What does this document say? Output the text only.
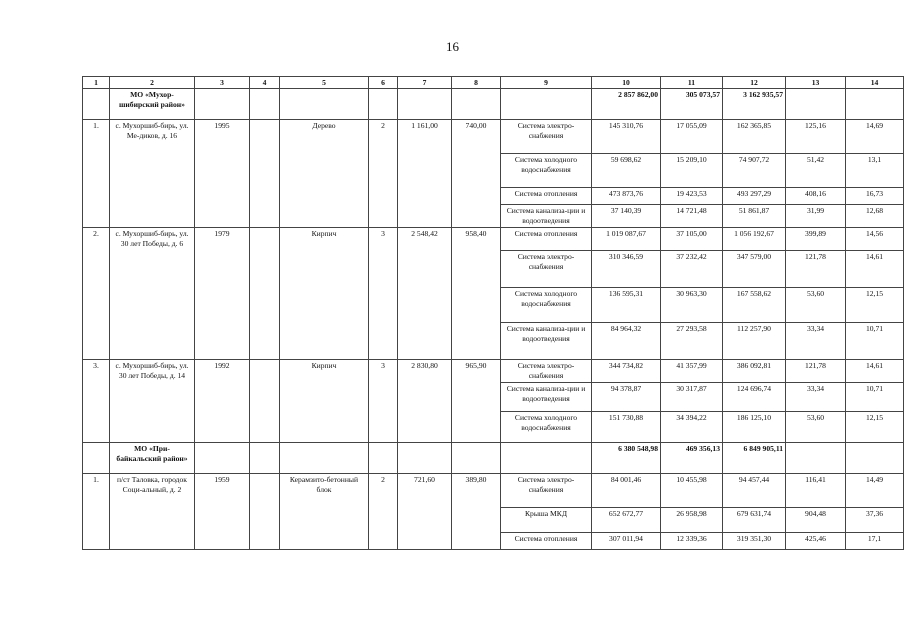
16
1	2	3	4	5	6	7	8	9	10	11	12	13	14
	МО «Мухор-шибирский район»								2 857 862,00	305 073,57	3 162 935,57		
1.	с. Мухоршиб-бирь, ул. Ме-диков, д. 16	1995		Дерево	2	1 161,00	740,00	Система электро-снабжения	145 310,76	17 055,09	162 365,85	125,16	14,69
								Система холодного водоснабжения	59 698,62	15 209,10	74 907,72	51,42	13,1
								Система отопления	473 873,76	19 423,53	493 297,29	408,16	16,73
								Система канализа-ции и водоотведения	37 140,39	14 721,48	51 861,87	31,99	12,68
2.	с. Мухоршиб-бирь, ул. 30 лет Победы, д. 6	1979		Кирпич	3	2 548,42	958,40	Система отопления	1 019 087,67	37 105,00	1 056 192,67	399,89	14,56
								Система электро-снабжения	310 346,59	37 232,42	347 579,00	121,78	14,61
								Система холодного водоснабжения	136 595,31	30 963,30	167 558,62	53,60	12,15
								Система канализа-ции и водоотведения	84 964,32	27 293,58	112 257,90	33,34	10,71
3.	с. Мухоршиб-бирь, ул. 30 лет Победы, д. 14	1992		Кирпич	3	2 830,80	965,90	Система электро-снабжения	344 734,82	41 357,99	386 092,81	121,78	14,61
								Система канализа-ции и водоотведения	94 378,87	30 317,87	124 696,74	33,34	10,71
								Система холодного водоснабжения	151 730,88	34 394,22	186 125,10	53,60	12,15
	МО «При-байкальский район»								6 380 548,98	469 356,13	6 849 905,11		
1.	п/ст Таловка, городок Соци-альный, д. 2	1959		Керамзито-бетонный блок	2	721,60	389,80	Система электро-снабжения	84 001,46	10 455,98	94 457,44	116,41	14,49
								Крыша МКД	652 672,77	26 958,98	679 631,74	904,48	37,36
								Система отопления	307 011,94	12 339,36	319 351,30	425,46	17,1
